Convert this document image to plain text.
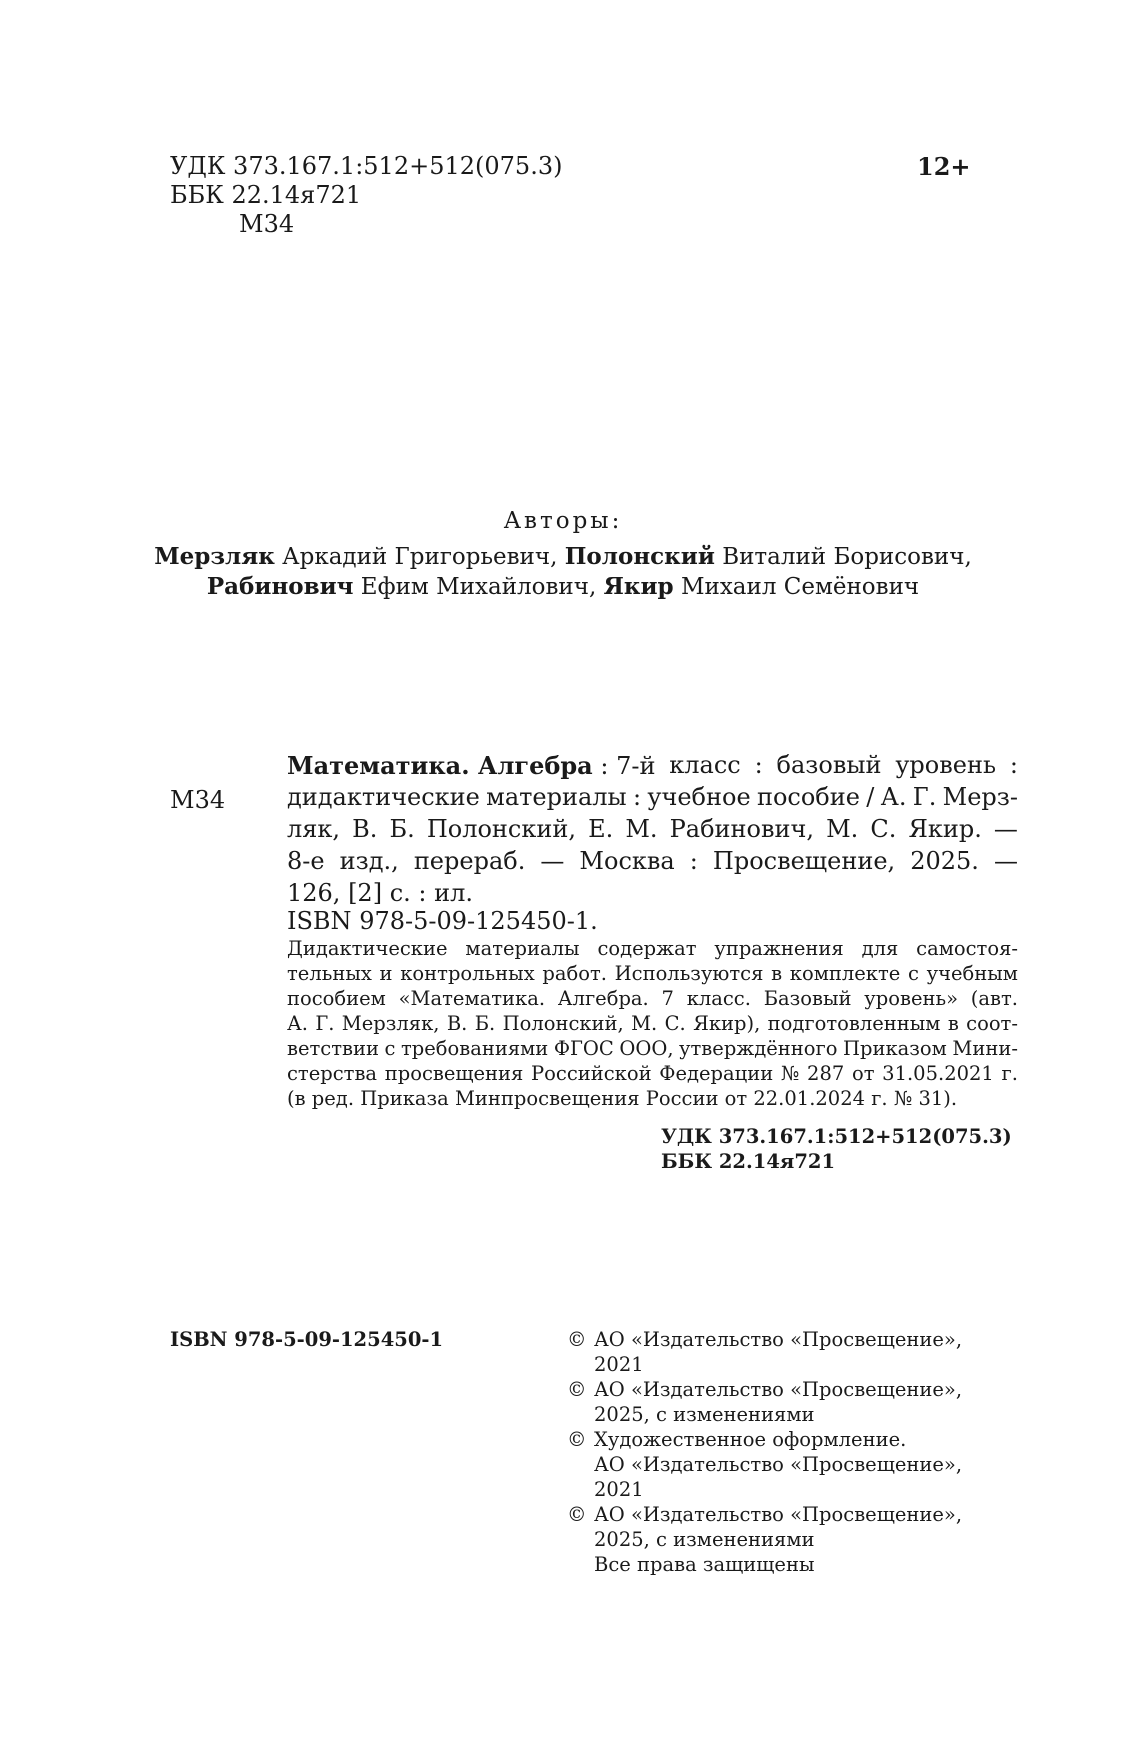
УДК 373.167.1:512+512(075.3)
ББК 22.14я721
М34
12+
Авторы:
Мерзляк Аркадий Григорьевич, Полонский Виталий Борисович,
Рабинович Ефим Михайлович, Якир Михаил Семёнович
М34
Математика. Алгебра : 7-й класс : базовый уровень :
дидактические материалы : учебное пособие / А. Г. Мерз-
ляк, В. Б. Полонский, Е. М. Рабинович, М. С. Якир. —
8-е изд., перераб. — Москва : Просвещение, 2025. —
126, [2] с. : ил.
ISBN 978-5-09-125450-1.
Дидактические материалы содержат упражнения для самостоя-
тельных и контрольных работ. Используются в комплекте с учебным
пособием «Математика. Алгебра. 7 класс. Базовый уровень» (авт.
А. Г. Мерзляк, В. Б. Полонский, М. С. Якир), подготовленным в соот-
ветствии с требованиями ФГОС ООО, утверждённого Приказом Мини-
стерства просвещения Российской Федерации № 287 от 31.05.2021 г.
(в ред. Приказа Минпросвещения России от 22.01.2024 г. № 31).
УДК 373.167.1:512+512(075.3)
ББК 22.14я721
ISBN 978-5-09-125450-1	© АО «Издательство «Просвещение»,
2021
© АО «Издательство «Просвещение»,
2025, с изменениями
© Художественное оформление.
АО «Издательство «Просвещение»,
2021
© АО «Издательство «Просвещение»,
2025, с изменениями
Все права защищены
